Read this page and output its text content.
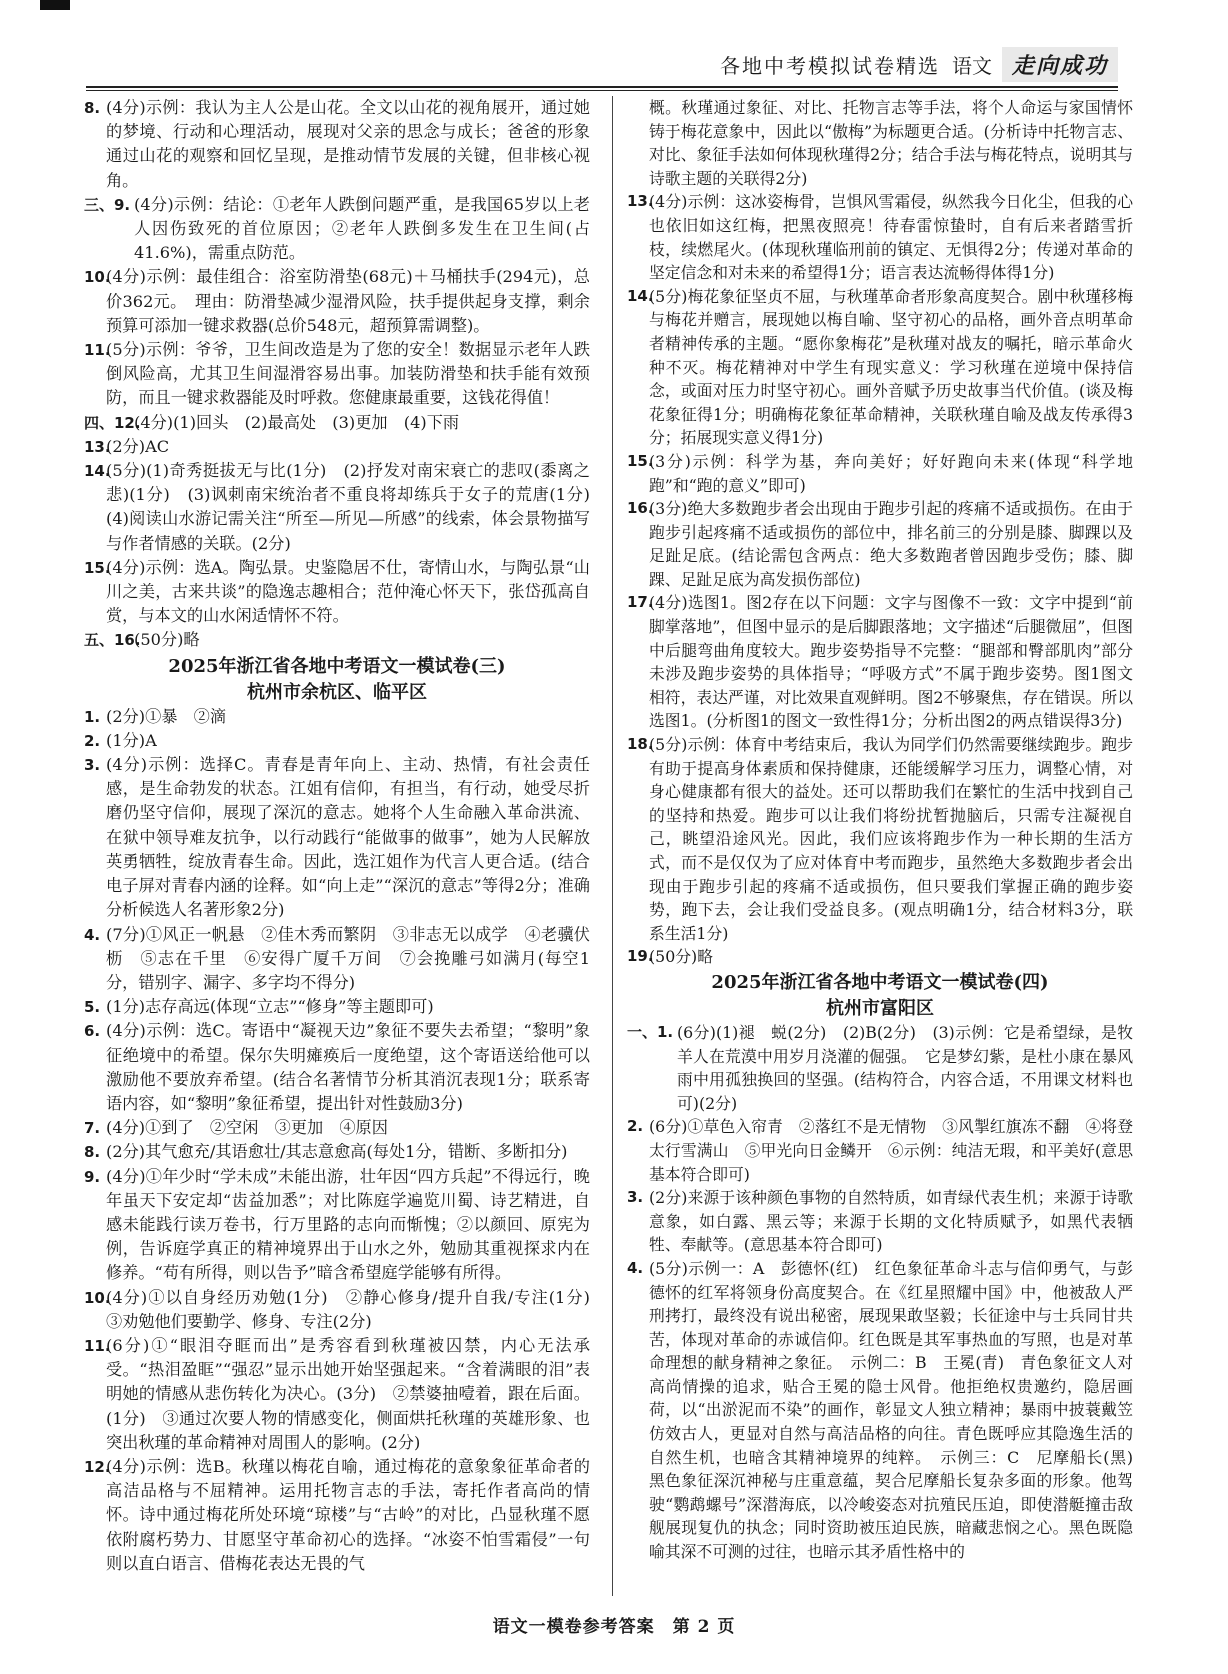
各地中考模拟试卷精选 语文 走向成功

8. (4分)示例：我认为主人公是山花。全文以山花的视角展开，通过她的梦境、行动和心理活动，展现对父亲的思念与成长；爸爸的形象通过山花的观察和回忆呈现，是推动情节发展的关键，但非核心视角。

三、9. (4分)示例：结论：①老年人跌倒问题严重，是我国65岁以上老人因伤致死的首位原因；②老年人跌倒多发生在卫生间(占41.6%)，需重点防范。

10.
(4分)示例：最佳组合：浴室防滑垫(68元)＋马桶扶手(294元)，总价362元。　理由：防滑垫减少湿滑风险，扶手提供起身支撑，剩余预算可添加一键求救器(总价548元，超预算需调整)。

11.
(5分)示例：爷爷，卫生间改造是为了您的安全！数据显示老年人跌倒风险高，尤其卫生间湿滑容易出事。加装防滑垫和扶手能有效预防，而且一键求救器能及时呼救。您健康最重要，这钱花得值！

四、12.
(4分)(1)回头　(2)最高处　(3)更加　(4)下雨

13.
(2分)AC

14.
(5分)(1)奇秀挺拔无与比(1分)　(2)抒发对南宋衰亡的悲叹(黍离之悲)(1分)　(3)讽刺南宋统治者不重良将却练兵于女子的荒唐(1分)　(4)阅读山水游记需关注“所至—所见—所感”的线索，体会景物描写与作者情感的关联。(2分)

15.
(4分)示例：选A。陶弘景。史鉴隐居不仕，寄情山水，与陶弘景“山川之美，古来共谈”的隐逸志趣相合；范仲淹心怀天下，张岱孤高自赏，与本文的山水闲适情怀不符。

五、16.
(50分)略

2025年浙江省各地中考语文一模试卷(三)
杭州市余杭区、临平区

1. (2分)①暴　②滴

2. (1分)A

3. (4分)示例：选择C。青春是青年向上、主动、热情，有社会责任感，是生命勃发的状态。江姐有信仰，有担当，有行动，她受尽折磨仍坚守信仰，展现了深沉的意志。她将个人生命融入革命洪流、在狱中领导难友抗争，以行动践行“能做事的做事”，她为人民解放英勇牺牲，绽放青春生命。因此，选江姐作为代言人更合适。(结合电子屏对青春内涵的诠释。如“向上走”“深沉的意志”等得2分；准确分析候选人名著形象2分)

4. (7分)①风正一帆悬　②佳木秀而繁阴　③非志无以成学　④老骥伏枥　⑤志在千里　⑥安得广厦千万间　⑦会挽雕弓如满月(每空1分，错别字、漏字、多字均不得分)

5. (1分)志存高远(体现“立志”“修身”等主题即可)

6. (4分)示例：选C。寄语中“凝视天边”象征不要失去希望；“黎明”象征绝境中的希望。保尔失明瘫痪后一度绝望，这个寄语送给他可以激励他不要放弃希望。(结合名著情节分析其消沉表现1分；联系寄语内容，如“黎明”象征希望，提出针对性鼓励3分)

7. (4分)①到了　②空闲　③更加　④原因

8. (2分)其气愈充/其语愈壮/其志意愈高(每处1分，错断、多断扣分)

9. (4分)①年少时“学未成”未能出游，壮年因“四方兵起”不得远行，晚年虽天下安定却“齿益加悉”；对比陈庭学遍览川蜀、诗艺精进，自感未能践行读万卷书，行万里路的志向而惭愧；②以颜回、原宪为例，告诉庭学真正的精神境界出于山水之外，勉励其重视探求内在修养。“苟有所得，则以告予”暗含希望庭学能够有所得。

10.
(4分)①以自身经历劝勉(1分)　②静心修身/提升自我/专注(1分)　③劝勉他们要勤学、修身、专注(2分)

11.
(6分)①“眼泪夺眶而出”是秀容看到秋瑾被囚禁，内心无法承受。“热泪盈眶”“强忍”显示出她开始坚强起来。“含着满眼的泪”表明她的情感从悲伤转化为决心。(3分)　②禁婆抽噎着，跟在后面。(1分)　③通过次要人物的情感变化，侧面烘托秋瑾的英雄形象、也突出秋瑾的革命精神对周围人的影响。(2分)

12.
(4分)示例：选B。秋瑾以梅花自喻，通过梅花的意象象征革命者的高洁品格与不屈精神。运用托物言志的手法，寄托作者高尚的情怀。诗中通过梅花所处环境“琼楼”与“古岭”的对比，凸显秋瑾不愿依附腐朽势力、甘愿坚守革命初心的选择。“冰姿不怕雪霜侵”一句则以直白语言、借梅花表达无畏的气

概。秋瑾通过象征、对比、托物言志等手法，将个人命运与家国情怀铸于梅花意象中，因此以“傲梅”为标题更合适。(分析诗中托物言志、对比、象征手法如何体现秋瑾得2分；结合手法与梅花特点，说明其与诗歌主题的关联得2分)

13.
(4分)示例：这冰姿梅骨，岂惧风雪霜侵，纵然我今日化尘，但我的心也依旧如这红梅，把黑夜照亮！待春雷惊蛰时，自有后来者踏雪折枝，续燃尾火。(体现秋瑾临刑前的镇定、无惧得2分；传递对革命的坚定信念和对未来的希望得1分；语言表达流畅得体得1分)

14.
(5分)梅花象征坚贞不屈，与秋瑾革命者形象高度契合。剧中秋瑾移梅与梅花并赠言，展现她以梅自喻、坚守初心的品格，画外音点明革命者精神传承的主题。“愿你象梅花”是秋瑾对战友的嘱托，暗示革命火种不灭。梅花精神对中学生有现实意义：学习秋瑾在逆境中保持信念，或面对压力时坚守初心。画外音赋予历史故事当代价值。(谈及梅花象征得1分；明确梅花象征革命精神，关联秋瑾自喻及战友传承得3分；拓展现实意义得1分)

15.
(3分)示例：科学为基，奔向美好；好好跑向未来(体现“科学地跑”和“跑的意义”即可)

16.
(3分)绝大多数跑步者会出现由于跑步引起的疼痛不适或损伤。在由于跑步引起疼痛不适或损伤的部位中，排名前三的分别是膝、脚踝以及足趾足底。(结论需包含两点：绝大多数跑者曾因跑步受伤；膝、脚踝、足趾足底为高发损伤部位)

17.
(4分)选图1。图2存在以下问题：文字与图像不一致：文字中提到“前脚掌落地”，但图中显示的是后脚跟落地；文字描述“后腿微屈”，但图中后腿弯曲角度较大。跑步姿势指导不完整：“腿部和臀部肌肉”部分未涉及跑步姿势的具体指导；“呼吸方式”不属于跑步姿势。图1图文相符，表达严谨，对比效果直观鲜明。图2不够聚焦，存在错误。所以选图1。(分析图1的图文一致性得1分；分析出图2的两点错误得3分)

18.
(5分)示例：体育中考结束后，我认为同学们仍然需要继续跑步。跑步有助于提高身体素质和保持健康，还能缓解学习压力，调整心情，对身心健康都有很大的益处。还可以帮助我们在繁忙的生活中找到自己的坚持和热爱。跑步可以让我们将纷扰暂抛脑后，只需专注凝视自己，眺望沿途风光。因此，我们应该将跑步作为一种长期的生活方式，而不是仅仅为了应对体育中考而跑步，虽然绝大多数跑步者会出现由于跑步引起的疼痛不适或损伤，但只要我们掌握正确的跑步姿势，跑下去，会让我们受益良多。(观点明确1分，结合材料3分，联系生活1分)

19.
(50分)略

2025年浙江省各地中考语文一模试卷(四)
杭州市富阳区

一、1. (6分)(1)褪　蜕(2分)　(2)B(2分)　(3)示例：它是希望绿，是牧羊人在荒漠中用岁月浇灌的倔强。　它是梦幻紫，是杜小康在暴风雨中用孤独换回的坚强。(结构符合，内容合适，不用课文材料也可)(2分)

2. (6分)①草色入帘青　②落红不是无情物　③风掣红旗冻不翻　④将登太行雪满山　⑤甲光向日金鳞开　⑥示例：纯洁无瑕，和平美好(意思基本符合即可)

3. (2分)来源于该种颜色事物的自然特质，如青绿代表生机；来源于诗歌意象，如白露、黑云等；来源于长期的文化特质赋予，如黑代表牺牲、奉献等。(意思基本符合即可)

4. (5分)示例一：A　彭德怀(红)　红色象征革命斗志与信仰勇气，与彭德怀的红军将领身份高度契合。在《红星照耀中国》中，他被敌人严刑拷打，最终没有说出秘密，展现果敢坚毅；长征途中与士兵同甘共苦，体现对革命的赤诚信仰。红色既是其军事热血的写照，也是对革命理想的献身精神之象征。　示例二：B　王冕(青)　青色象征文人对高尚情操的追求，贴合王冕的隐士风骨。他拒绝权贵邀约，隐居画荷，以“出淤泥而不染”的画作，彰显文人独立精神；暴雨中披蓑戴笠仿效古人，更显对自然与高洁品格的向往。青色既呼应其隐逸生活的自然生机，也暗含其精神境界的纯粹。　示例三：C　尼摩船长(黑)　黑色象征深沉神秘与庄重意蕴，契合尼摩船长复杂多面的形象。他驾驶“鹦鹉螺号”深潜海底，以冷峻姿态对抗殖民压迫，即使潜艇撞击敌舰展现复仇的执念；同时资助被压迫民族，暗藏悲悯之心。黑色既隐喻其深不可测的过往，也暗示其矛盾性格中的

语文一模卷参考答案　第 2 页
